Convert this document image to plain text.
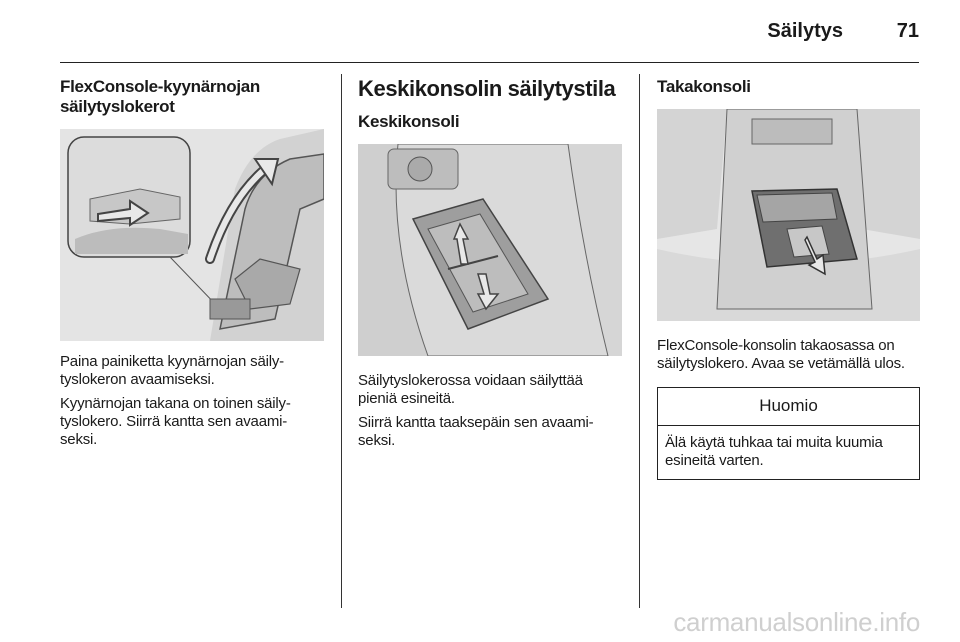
Säilytys	71
FlexConsole-kyynärnojan säilytyslokerot

Paina painiketta kyynärnojan säily-tyslokeron avaamiseksi.

Kyynärnojan takana on toinen säily-tyslokero. Siirrä kantta sen avaami-seksi.

Keskikonsolin säilytystila
Keskikonsoli

Säilytyslokerossa voidaan säilyttää pieniä esineitä.

Siirrä kantta taaksepäin sen avaami-seksi.

Takakonsoli

FlexConsole-konsolin takaosassa on säilytyslokero. Avaa se vetämällä ulos.

Huomio

Älä käytä tuhkaa tai muita kuumia esineitä varten.

carmanualsonline.info
